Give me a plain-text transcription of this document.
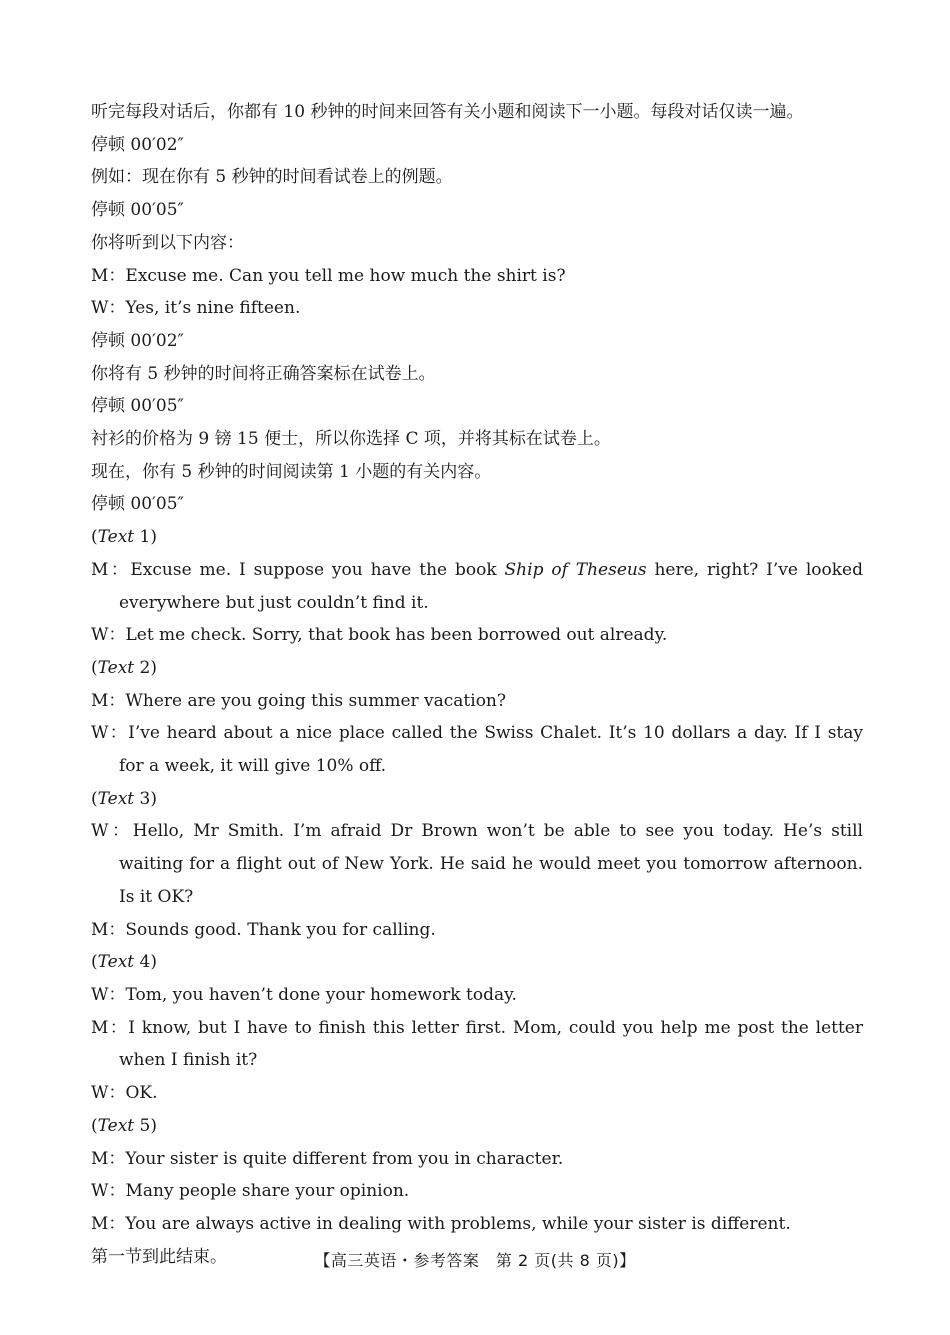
听完每段对话后，你都有 10 秒钟的时间来回答有关小题和阅读下一小题。每段对话仅读一遍。
停顿 00′02″
例如：现在你有 5 秒钟的时间看试卷上的例题。
停顿 00′05″
你将听到以下内容：
M：Excuse me. Can you tell me how much the shirt is?
W：Yes, it’s nine fifteen.
停顿 00′02″
你将有 5 秒钟的时间将正确答案标在试卷上。
停顿 00′05″
衬衫的价格为 9 镑 15 便士，所以你选择 C 项，并将其标在试卷上。
现在，你有 5 秒钟的时间阅读第 1 小题的有关内容。
停顿 00′05″
(Text 1)
M：Excuse me. I suppose you have the book Ship of Theseus here, right? I’ve looked everywhere but just couldn’t find it.
W：Let me check. Sorry, that book has been borrowed out already.
(Text 2)
M：Where are you going this summer vacation?
W：I’ve heard about a nice place called the Swiss Chalet. It’s 10 dollars a day. If I stay for a week, it will give 10% off.
(Text 3)
W：Hello, Mr Smith. I’m afraid Dr Brown won’t be able to see you today. He’s still waiting for a flight out of New York. He said he would meet you tomorrow afternoon. Is it OK?
M：Sounds good. Thank you for calling.
(Text 4)
W：Tom, you haven’t done your homework today.
M：I know, but I have to finish this letter first. Mom, could you help me post the letter when I finish it?
W：OK.
(Text 5)
M：Your sister is quite different from you in character.
W：Many people share your opinion.
M：You are always active in dealing with problems, while your sister is different.
第一节到此结束。	【高三英语・参考答案　第 2 页(共 8 页)】
